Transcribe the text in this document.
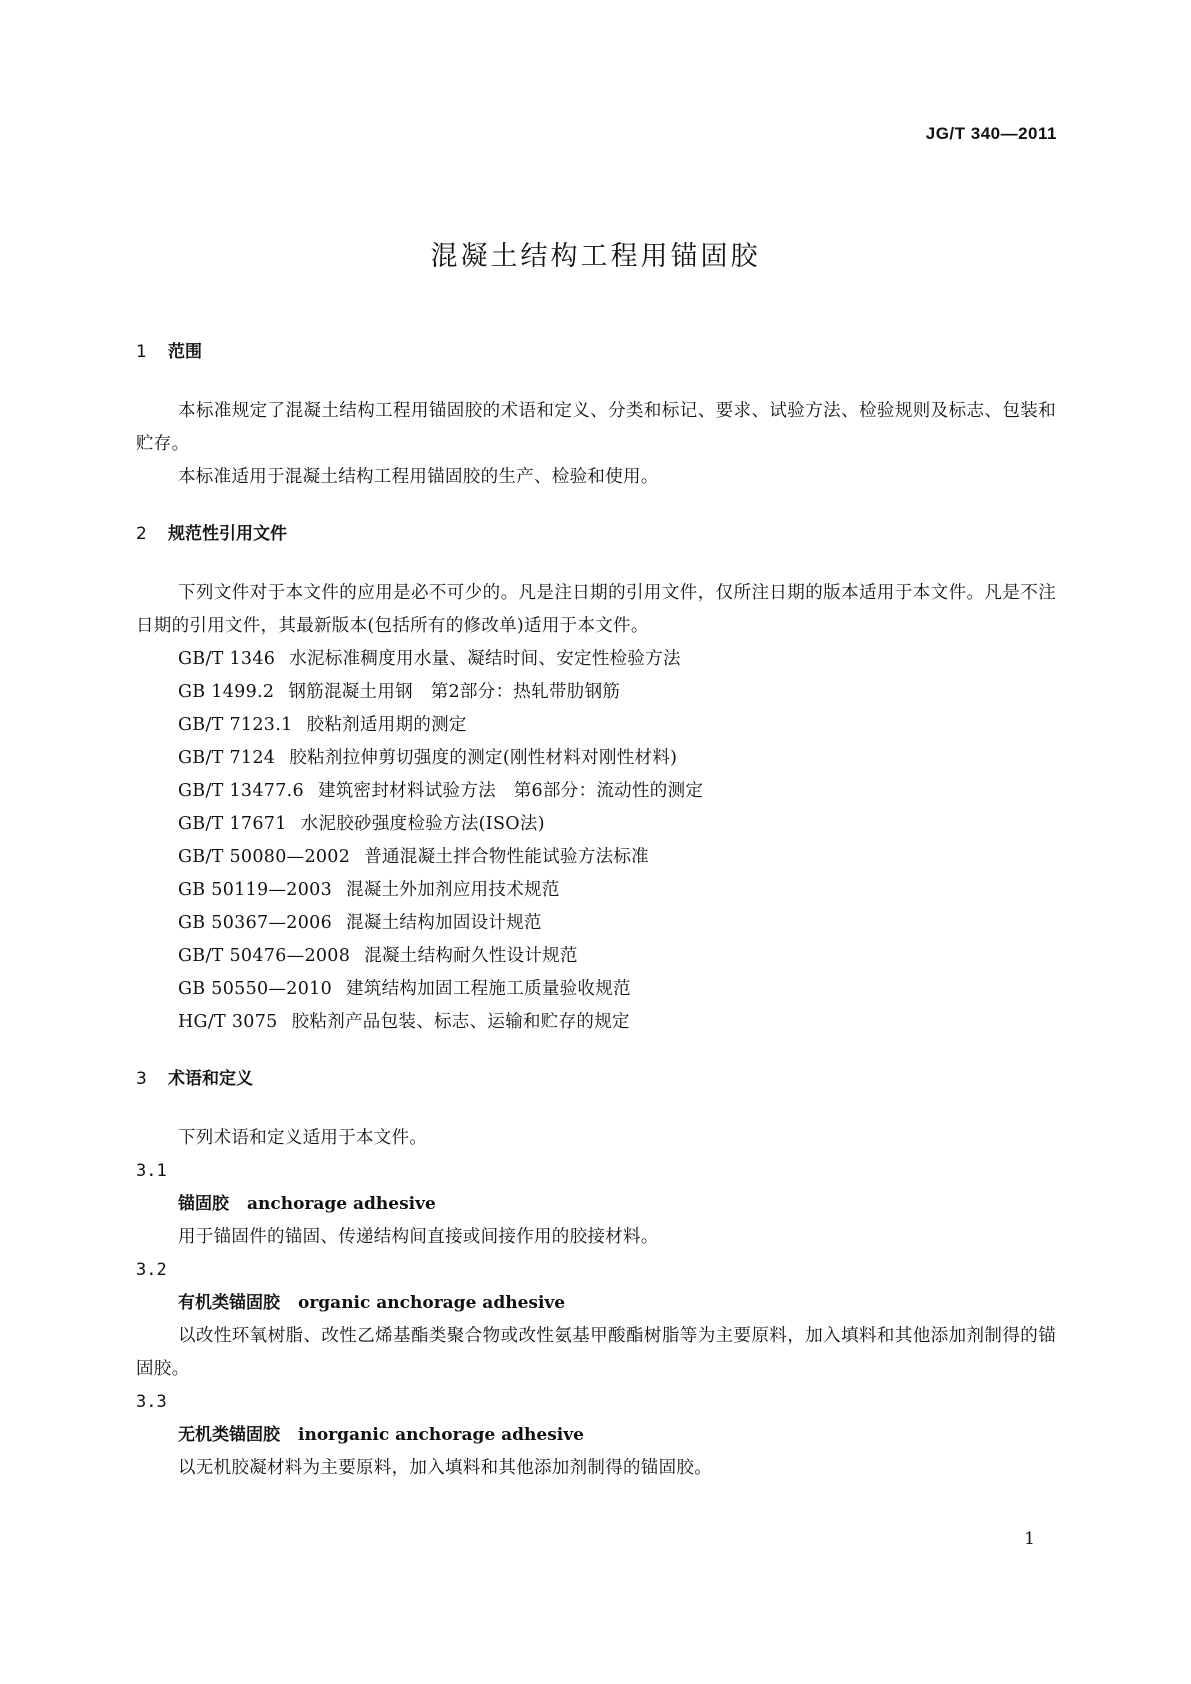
JG/T 340—2011
混凝土结构工程用锚固胶
1	范围

本标准规定了混凝土结构工程用锚固胶的术语和定义、分类和标记、要求、试验方法、检验规则及标志、包装和贮存。

本标准适用于混凝土结构工程用锚固胶的生产、检验和使用。

2	规范性引用文件

下列文件对于本文件的应用是必不可少的。凡是注日期的引用文件，仅所注日期的版本适用于本文件。凡是不注日期的引用文件，其最新版本(包括所有的修改单)适用于本文件。

GB/T 1346 水泥标准稠度用水量、凝结时间、安定性检验方法
GB 1499.2 钢筋混凝土用钢　第2部分：热轧带肋钢筋
GB/T 7123.1 胶粘剂适用期的测定
GB/T 7124 胶粘剂拉伸剪切强度的测定(刚性材料对刚性材料)
GB/T 13477.6 建筑密封材料试验方法　第6部分：流动性的测定
GB/T 17671 水泥胶砂强度检验方法(ISO法)
GB/T 50080—2002 普通混凝土拌合物性能试验方法标准
GB 50119—2003 混凝土外加剂应用技术规范
GB 50367—2006 混凝土结构加固设计规范
GB/T 50476—2008 混凝土结构耐久性设计规范
GB 50550—2010 建筑结构加固工程施工质量验收规范
HG/T 3075 胶粘剂产品包装、标志、运输和贮存的规定
3	术语和定义

下列术语和定义适用于本文件。

3.1

锚固胶 anchorage adhesive

用于锚固件的锚固、传递结构间直接或间接作用的胶接材料。

3.2

有机类锚固胶 organic anchorage adhesive

以改性环氧树脂、改性乙烯基酯类聚合物或改性氨基甲酸酯树脂等为主要原料，加入填料和其他添加剂制得的锚固胶。

3.3

无机类锚固胶 inorganic anchorage adhesive

以无机胶凝材料为主要原料，加入填料和其他添加剂制得的锚固胶。

1
